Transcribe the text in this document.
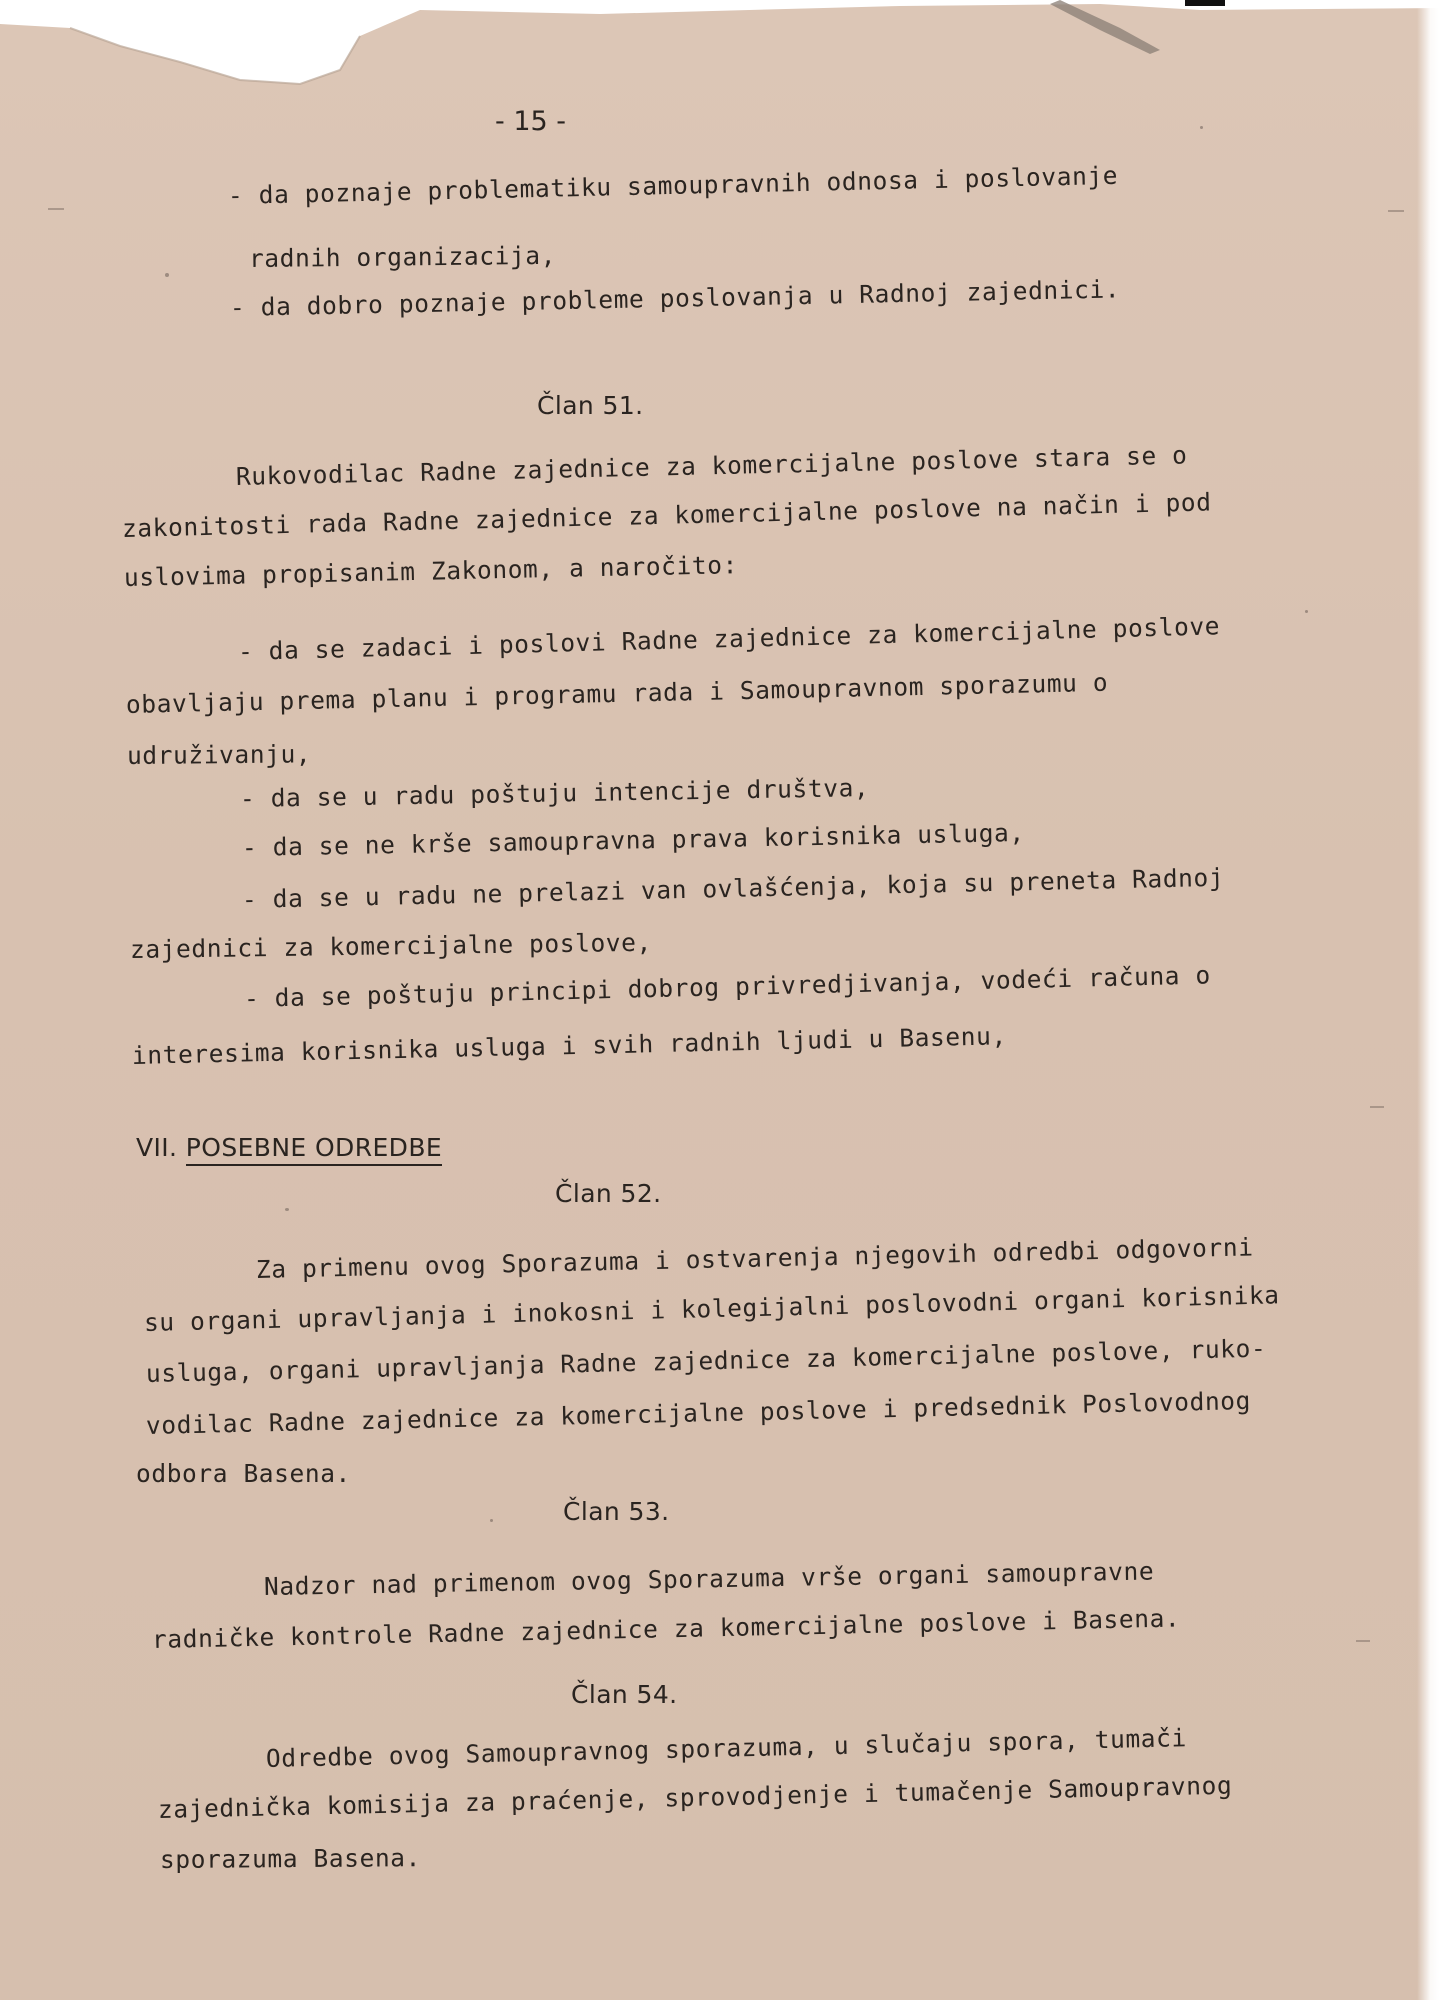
- 15 -
- da poznaje problematiku samoupravnih odnosa i poslovanje
radnih organizacija,
- da dobro poznaje probleme poslovanja u Radnoj zajednici.
Član 51.
Rukovodilac Radne zajednice za komercijalne poslove stara se o
zakonitosti rada Radne zajednice za komercijalne poslove na način i pod
uslovima propisanim Zakonom, a naročito:
- da se zadaci i poslovi Radne zajednice za komercijalne poslove
obavljaju prema planu i programu rada i Samoupravnom sporazumu o
udruživanju,
- da se u radu poštuju intencije društva,
- da se ne krše samoupravna prava korisnika usluga,
- da se u radu ne prelazi van ovlašćenja, koja su preneta Radnoj
zajednici za komercijalne poslove,
- da se poštuju principi dobrog privredjivanja, vodeći računa o
interesima korisnika usluga i svih radnih ljudi u Basenu,
VII. POSEBNE ODREDBE
Član 52.
Za primenu ovog Sporazuma i ostvarenja njegovih odredbi odgovorni
su organi upravljanja i inokosni i kolegijalni poslovodni organi korisnika
usluga, organi upravljanja Radne zajednice za komercijalne poslove, ruko-
vodilac Radne zajednice za komercijalne poslove i predsednik Poslovodnog
odbora Basena.
Član 53.
Nadzor nad primenom ovog Sporazuma vrše organi samoupravne
radničke kontrole Radne zajednice za komercijalne poslove i Basena.
Član 54.
Odredbe ovog Samoupravnog sporazuma, u slučaju spora, tumači
zajednička komisija za praćenje, sprovodjenje i tumačenje Samoupravnog
sporazuma Basena.
